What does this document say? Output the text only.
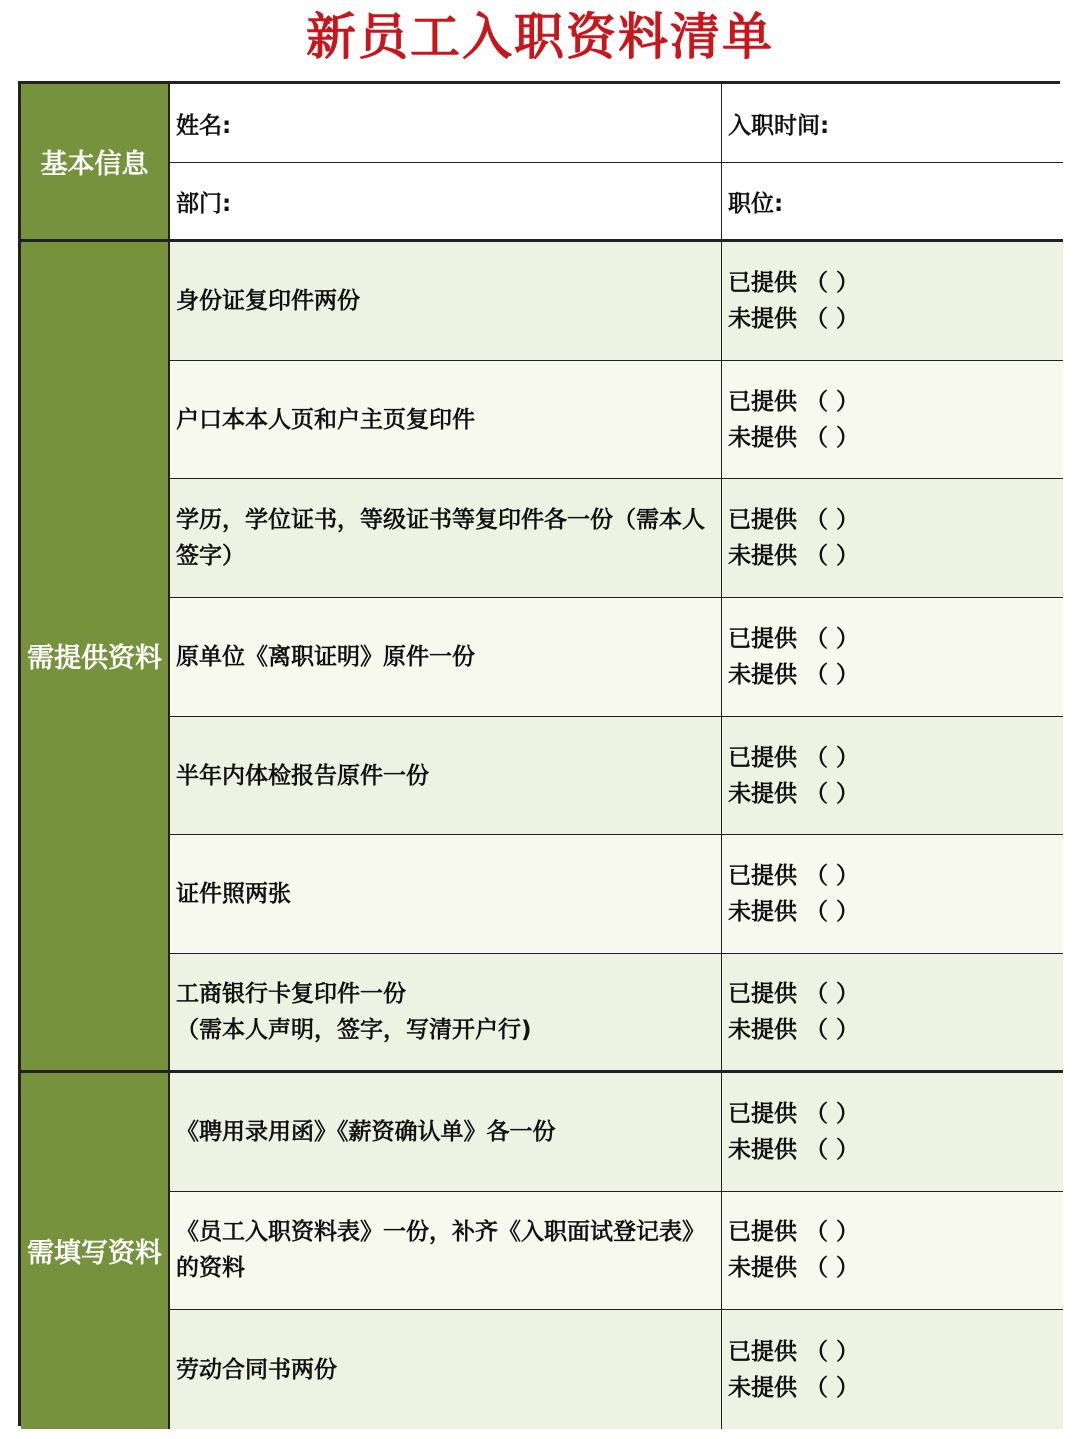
新员工入职资料清单
基本信息
姓名:	入职时间:
部门:	职位:
需提供资料
身份证复印件两份
已提供 （ ）
未提供 （ ）
户口本本人页和户主页复印件
已提供 （ ）
未提供 （ ）
学历，学位证书，等级证书等复印件各一份（需本人签字）
已提供 （ ）
未提供 （ ）
原单位《离职证明》原件一份
已提供 （ ）
未提供 （ ）
半年内体检报告原件一份
已提供 （ ）
未提供 （ ）
证件照两张
已提供 （ ）
未提供 （ ）
工商银行卡复印件一份
（需本人声明，签字，写清开户行)
已提供 （ ）
未提供 （ ）
需填写资料
《聘用录用函》《薪资确认单》各一份
已提供 （ ）
未提供 （ ）
《员工入职资料表》一份，补齐《入职面试登记表》的资料
已提供 （ ）
未提供 （ ）
劳动合同书两份
已提供 （ ）
未提供 （ ）
